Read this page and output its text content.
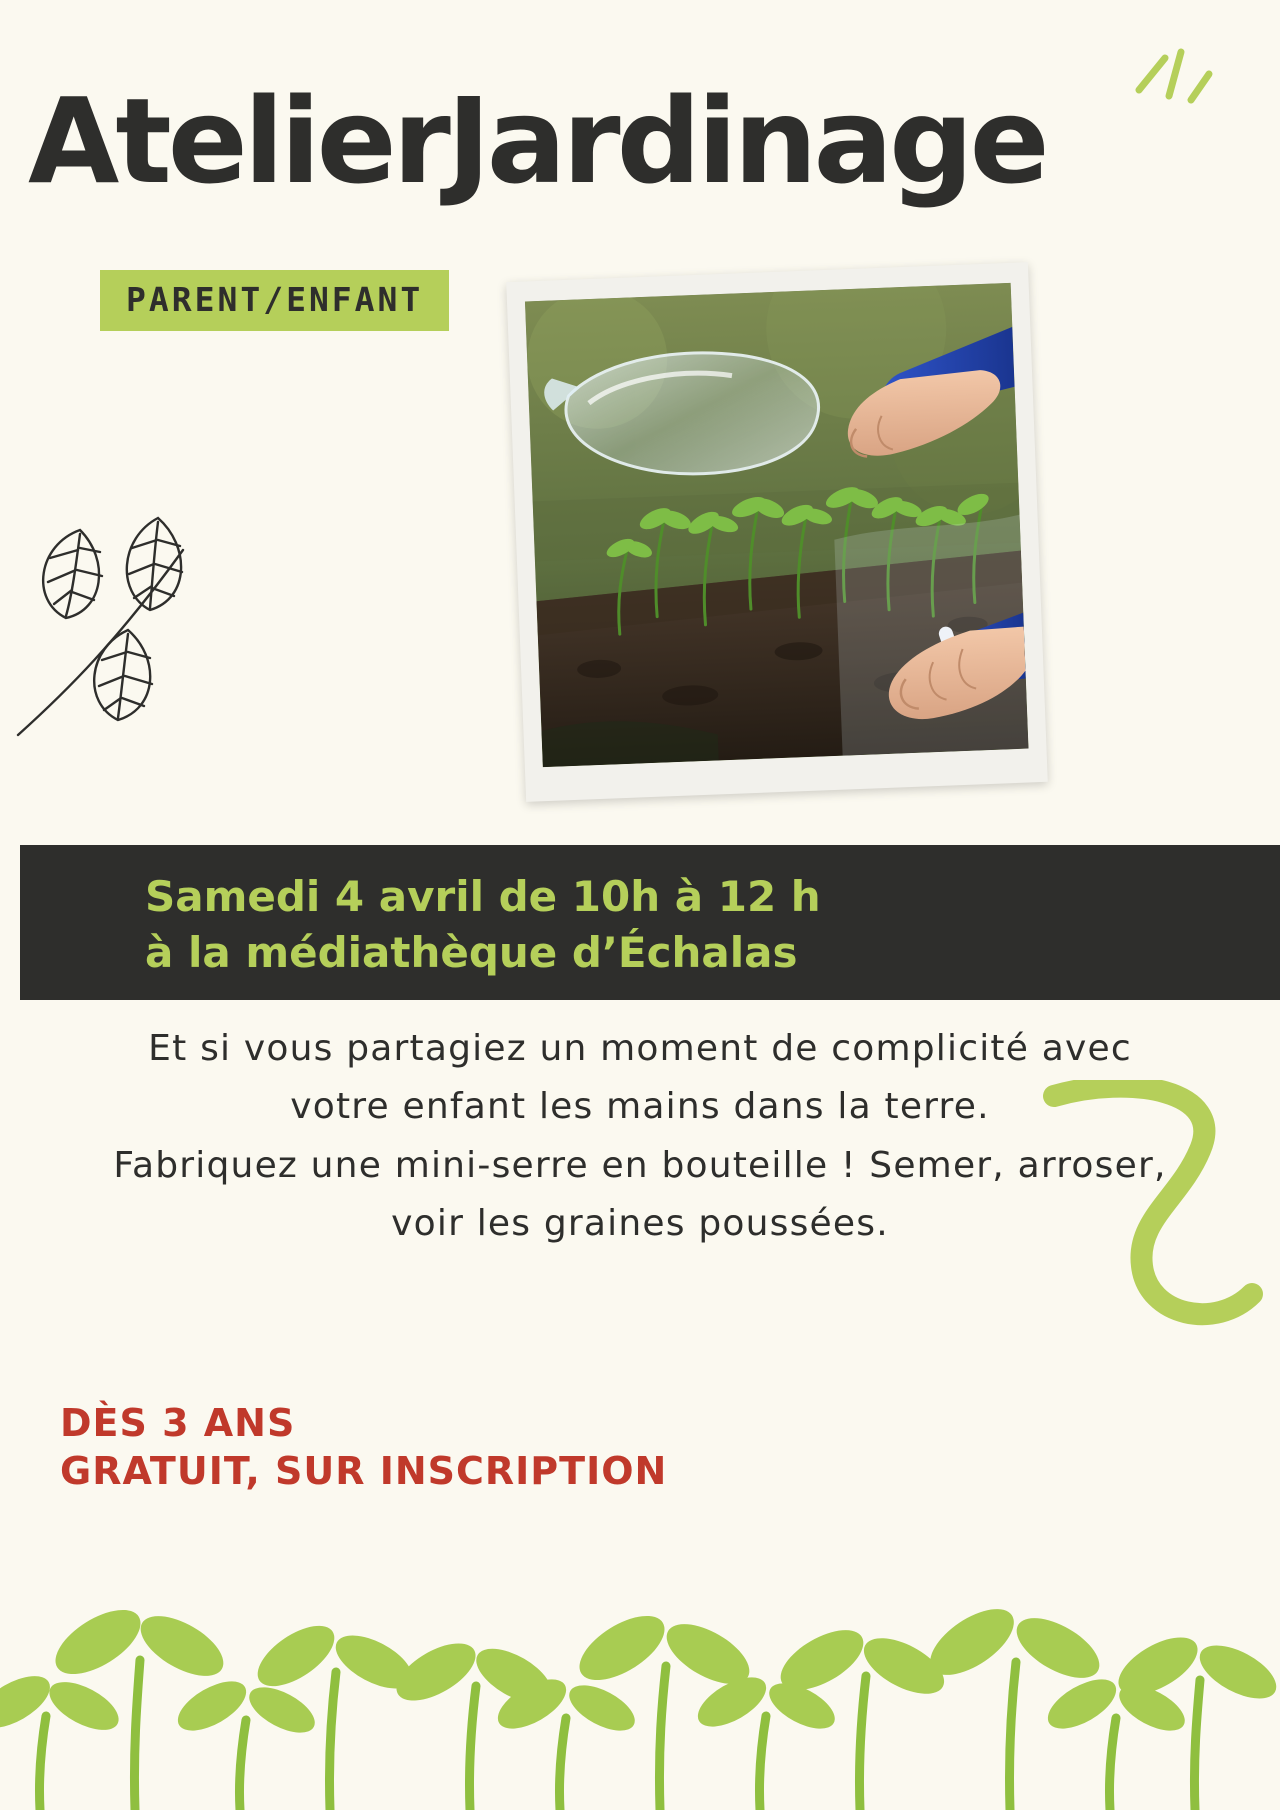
AtelierJardinage
PARENT/ENFANT
Samedi 4 avril de 10h à 12 h
à la médiathèque d’Échalas

Et si vous partagiez un moment de complicité avec

votre enfant les mains dans la terre.

Fabriquez une mini-serre en bouteille ! Semer, arroser,

voir les graines poussées.

DÈS 3 ANS
GRATUIT, SUR INSCRIPTION
